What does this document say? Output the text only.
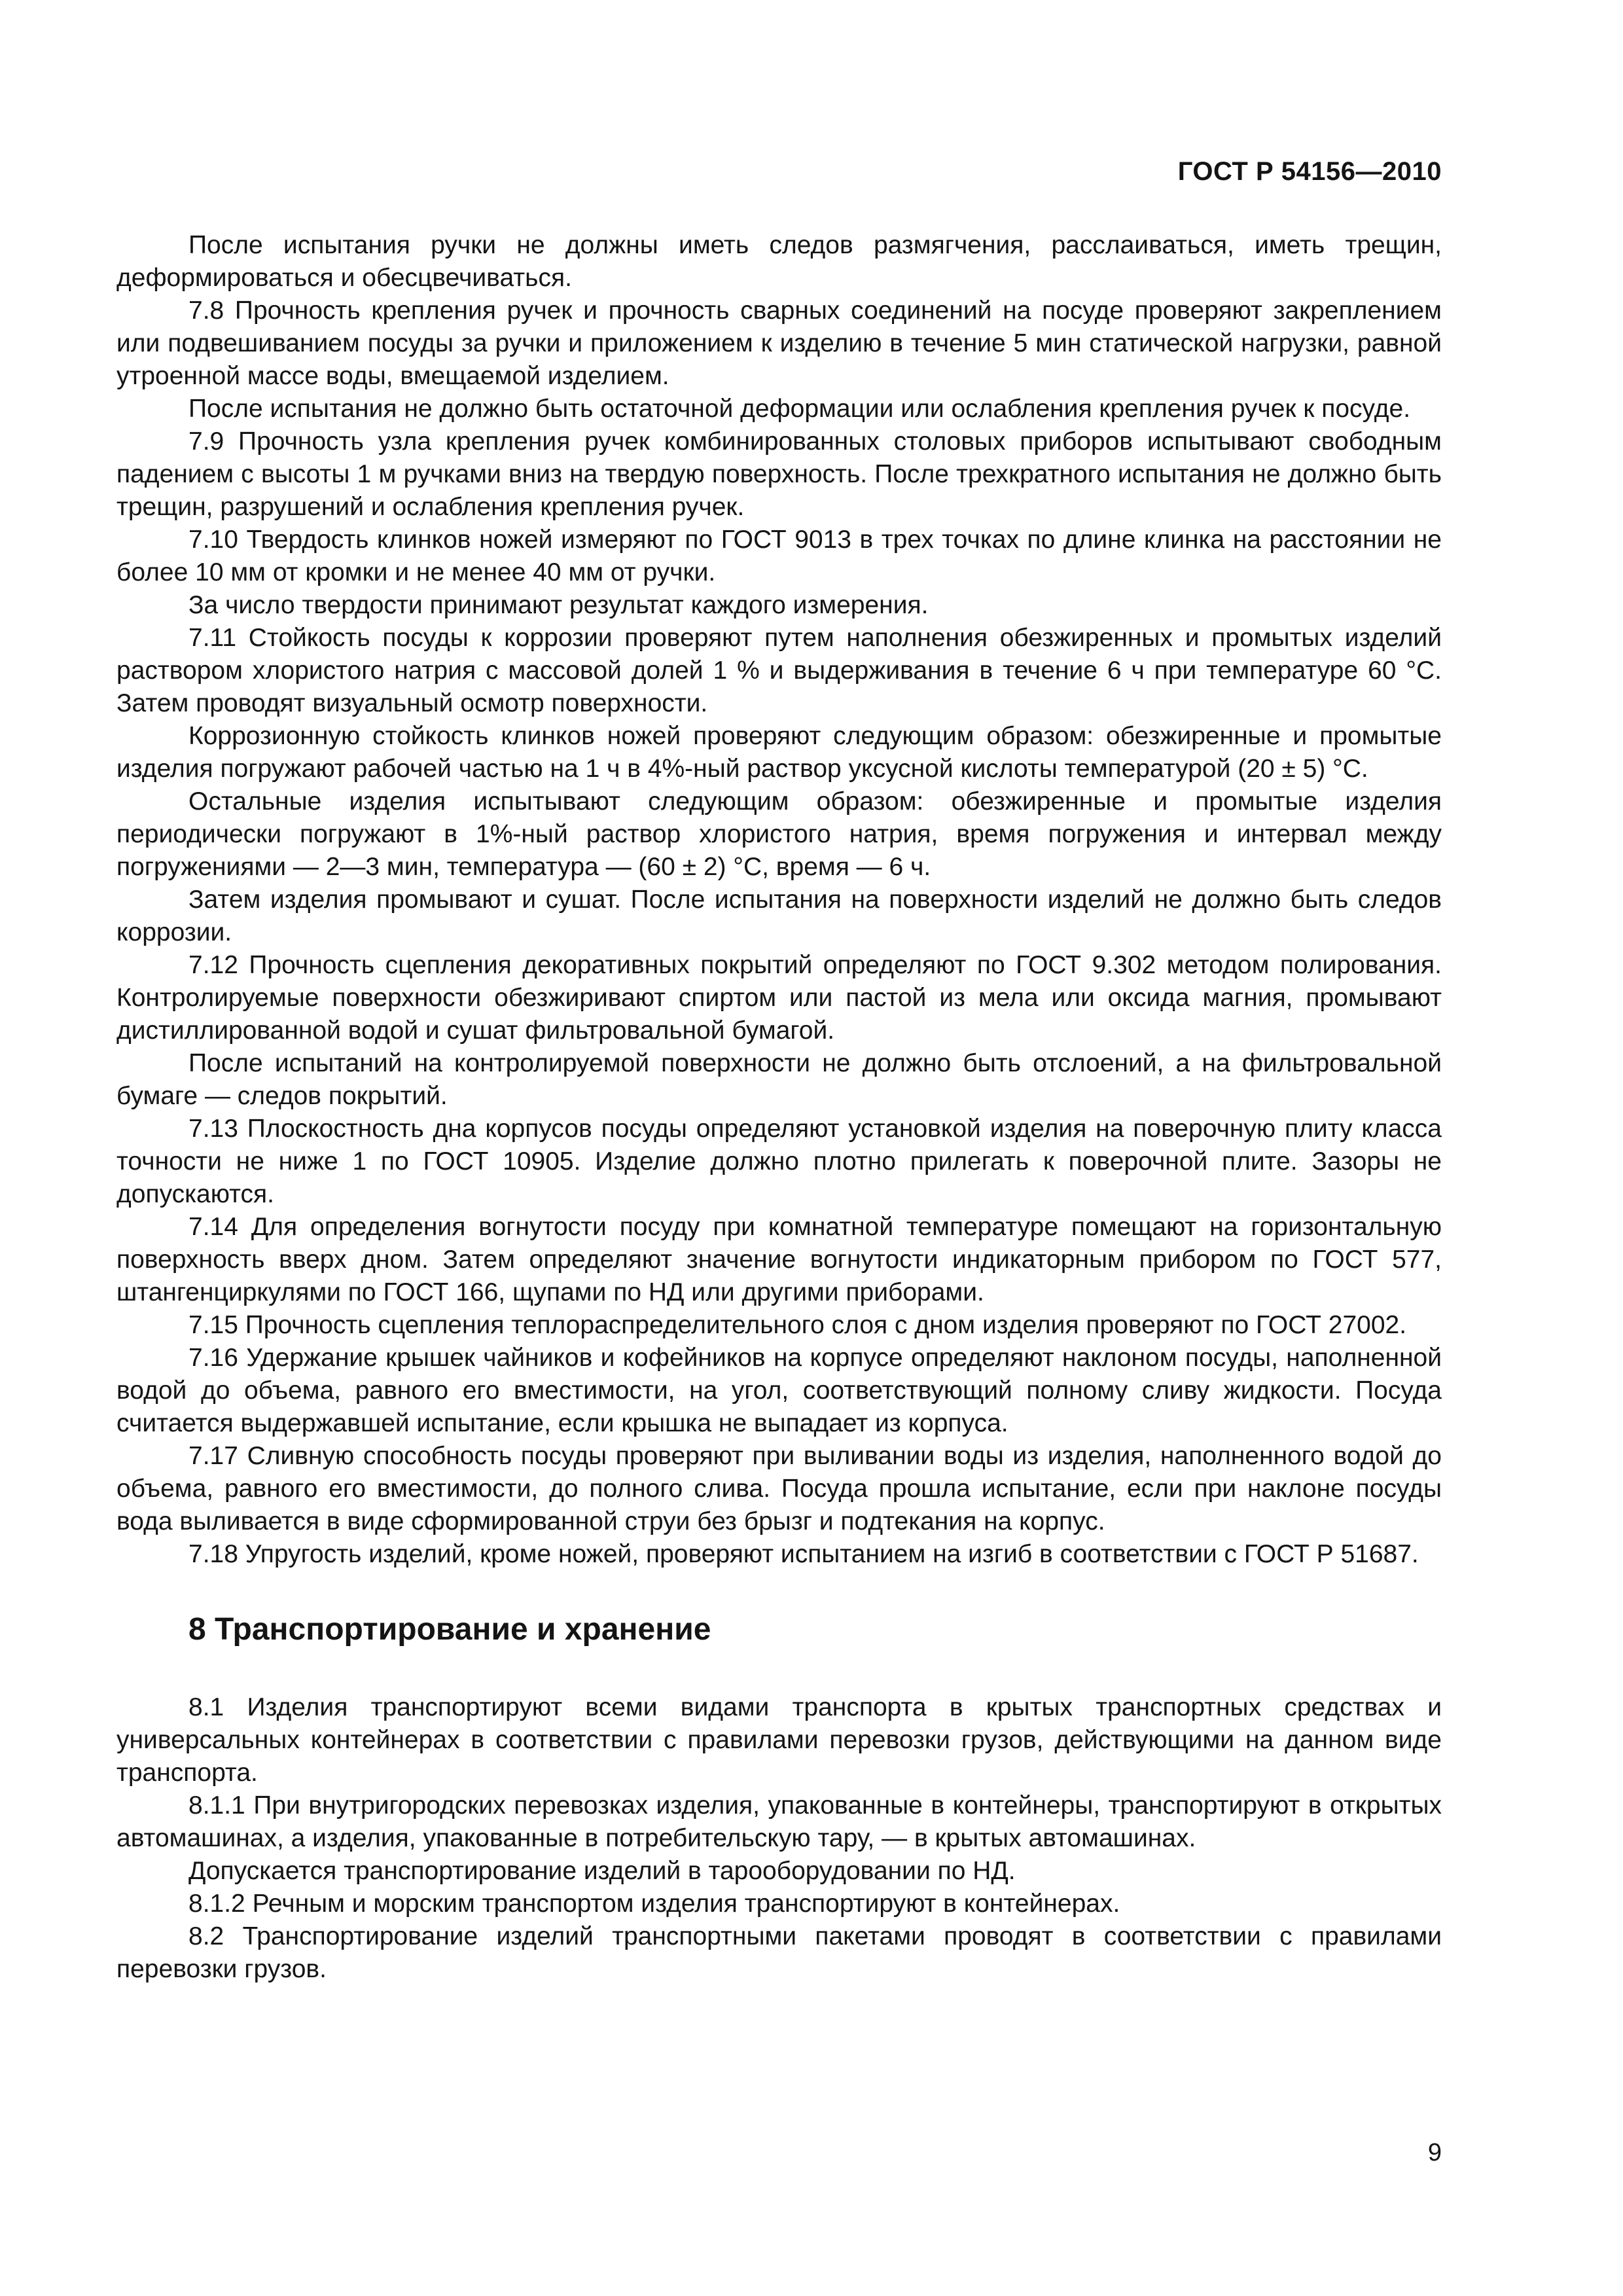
ГОСТ Р 54156—2010

После испытания ручки не должны иметь следов размягчения, расслаиваться, иметь трещин, деформироваться и обесцвечиваться.

7.8 Прочность крепления ручек и прочность сварных соединений на посуде проверяют закреплением или подвешиванием посуды за ручки и приложением к изделию в течение 5 мин статической нагрузки, равной утроенной массе воды, вмещаемой изделием.

После испытания не должно быть остаточной деформации или ослабления крепления ручек к посуде.

7.9 Прочность узла крепления ручек комбинированных столовых приборов испытывают свободным падением с высоты 1 м ручками вниз на твердую поверхность. После трехкратного испытания не должно быть трещин, разрушений и ослабления крепления ручек.

7.10 Твердость клинков ножей измеряют по ГОСТ 9013 в трех точках по длине клинка на расстоянии не более 10 мм от кромки и не менее 40 мм от ручки.

За число твердости принимают результат каждого измерения.

7.11 Стойкость посуды к коррозии проверяют путем наполнения обезжиренных и промытых изделий раствором хлористого натрия с массовой долей 1 % и выдерживания в течение 6 ч при температуре 60 °С. Затем проводят визуальный осмотр поверхности.

Коррозионную стойкость клинков ножей проверяют следующим образом: обезжиренные и промытые изделия погружают рабочей частью на 1 ч в 4%-ный раствор уксусной кислоты температурой (20 ± 5) °С.

Остальные изделия испытывают следующим образом: обезжиренные и промытые изделия периодически погружают в 1%-ный раствор хлористого натрия, время погружения и интервал между погружениями — 2—3 мин, температура — (60 ± 2) °С, время — 6 ч.

Затем изделия промывают и сушат. После испытания на поверхности изделий не должно быть следов коррозии.

7.12 Прочность сцепления декоративных покрытий определяют по ГОСТ 9.302 методом полирования. Контролируемые поверхности обезжиривают спиртом или пастой из мела или оксида магния, промывают дистиллированной водой и сушат фильтровальной бумагой.

После испытаний на контролируемой поверхности не должно быть отслоений, а на фильтровальной бумаге — следов покрытий.

7.13 Плоскостность дна корпусов посуды определяют установкой изделия на поверочную плиту класса точности не ниже 1 по ГОСТ 10905. Изделие должно плотно прилегать к поверочной плите. Зазоры не допускаются.

7.14 Для определения вогнутости посуду при комнатной температуре помещают на горизонтальную поверхность вверх дном. Затем определяют значение вогнутости индикаторным прибором по ГОСТ 577, штангенциркулями по ГОСТ 166, щупами по НД или другими приборами.

7.15 Прочность сцепления теплораспределительного слоя с дном изделия проверяют по ГОСТ 27002.

7.16 Удержание крышек чайников и кофейников на корпусе определяют наклоном посуды, наполненной водой до объема, равного его вместимости, на угол, соответствующий полному сливу жидкости. Посуда считается выдержавшей испытание, если крышка не выпадает из корпуса.

7.17 Сливную способность посуды проверяют при выливании воды из изделия, наполненного водой до объема, равного его вместимости, до полного слива. Посуда прошла испытание, если при наклоне посуды вода выливается в виде сформированной струи без брызг и подтекания на корпус.

7.18 Упругость изделий, кроме ножей, проверяют испытанием на изгиб в соответствии с ГОСТ Р 51687.

8 Транспортирование и хранение

8.1 Изделия транспортируют всеми видами транспорта в крытых транспортных средствах и универсальных контейнерах в соответствии с правилами перевозки грузов, действующими на данном виде транспорта.

8.1.1 При внутригородских перевозках изделия, упакованные в контейнеры, транспортируют в открытых автомашинах, а изделия, упакованные в потребительскую тару, — в крытых автомашинах.

Допускается транспортирование изделий в тарооборудовании по НД.

8.1.2 Речным и морским транспортом изделия транспортируют в контейнерах.

8.2 Транспортирование изделий транспортными пакетами проводят в соответствии с правилами перевозки грузов.

9
